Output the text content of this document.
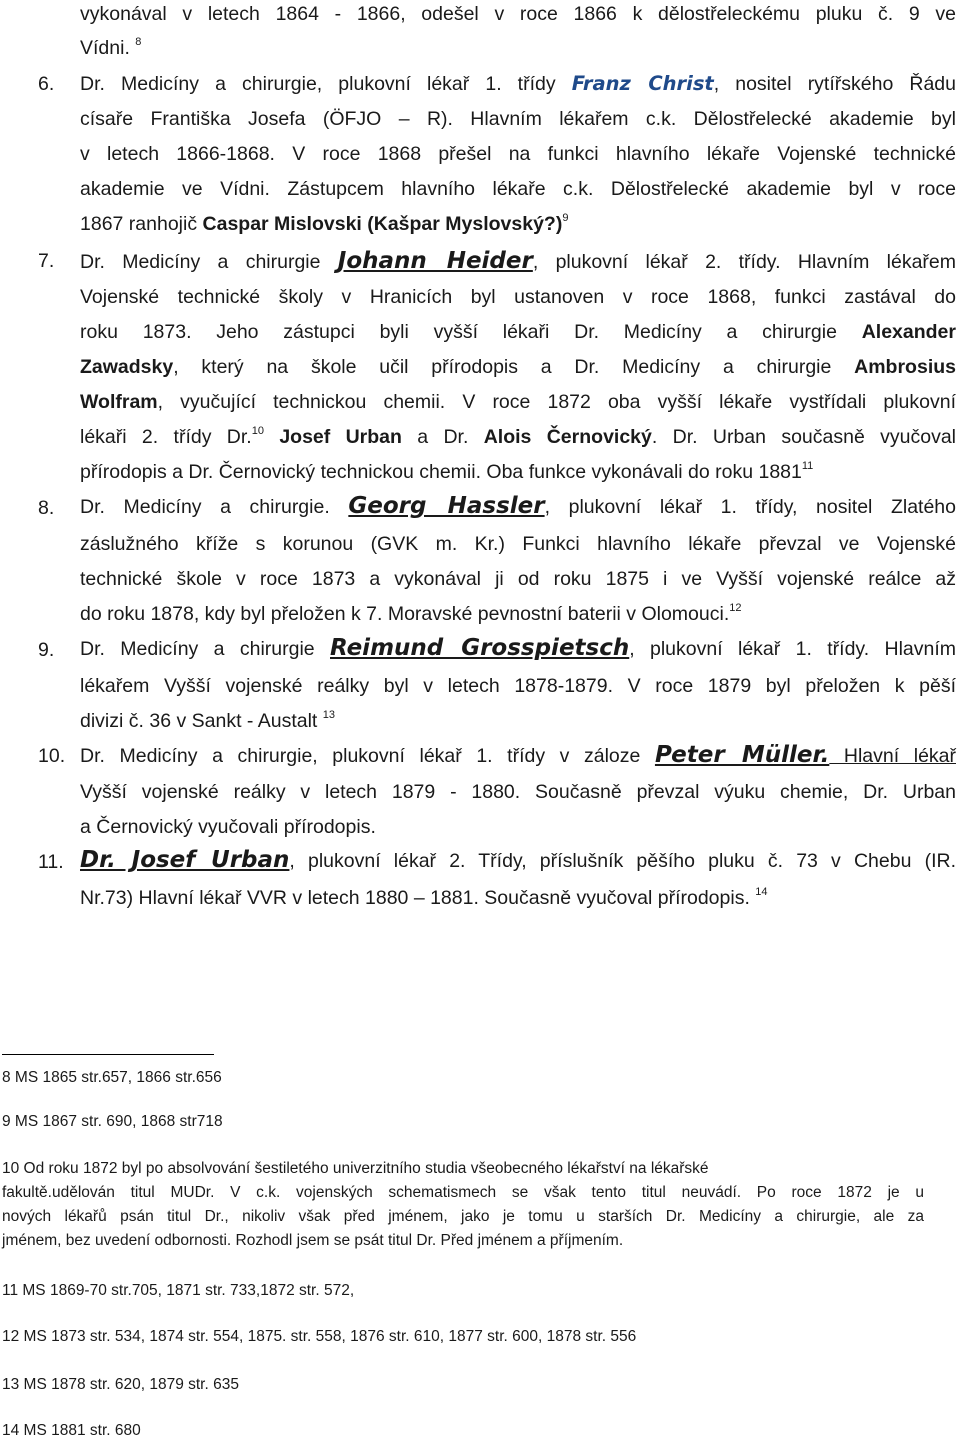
vykonával v letech 1864 - 1866, odešel v roce 1866 k dělostřeleckému pluku č. 9 ve
Vídni. $^8$
6. Dr. Medicíny a chirurgie, plukovní lékař 1. třídy Franz Christ, nositel rytířského Řádu
císaře Františka Josefa (ÖFJO – R). Hlavním lékařem c.k. Dělostřelecké akademie byl
v letech 1866-1868. V roce 1868 přešel na funkci hlavního lékaře Vojenské technické
akademie ve Vídni. Zástupcem hlavního lékaře c.k. Dělostřelecké akademie byl v roce
1867 ranhojič Caspar Mislovski (Kašpar Myslovský?)$^9$
7. Dr. Medicíny a chirurgie Johann Heider, plukovní lékař 2. třídy. Hlavním lékařem
Vojenské technické školy v Hranicích byl ustanoven v roce 1868, funkci zastával do
roku 1873. Jeho zástupci byli vyšší lékaři Dr. Medicíny a chirurgie Alexander
Zawadsky, který na škole učil přírodopis a Dr. Medicíny a chirurgie Ambrosius
Wolfram, vyučující technickou chemii. V roce 1872 oba vyšší lékaře vystřídali plukovní
lékaři 2. třídy Dr.$^{10}$ Josef Urban a Dr. Alois Černovický. Dr. Urban současně vyučoval
přírodopis a Dr. Černovický technickou chemii. Oba funkce vykonávali do roku 1881$^{11}$
8. Dr. Medicíny a chirurgie. Georg Hassler, plukovní lékař 1. třídy, nositel Zlatého
záslužného kříže s korunou (GVK m. Kr.) Funkci hlavního lékaře převzal ve Vojenské
technické škole v roce 1873 a vykonával ji od roku 1875 i ve Vyšší vojenské reálce až
do roku 1878, kdy byl přeložen k 7. Moravské pevnostní baterii v Olomouci.$^{12}$
9. Dr. Medicíny a chirurgie Reimund Grosspietsch, plukovní lékař 1. třídy. Hlavním
lékařem Vyšší vojenské reálky byl v letech 1878-1879. V roce 1879 byl přeložen k pěší
divizi č. 36 v Sankt - Austalt $^{13}$
10. Dr. Medicíny a chirurgie, plukovní lékař 1. třídy v záloze Peter Müller. Hlavní lékař
Vyšší vojenské reálky v letech 1879 - 1880. Současně převzal výuku chemie, Dr. Urban
a Černovický vyučovali přírodopis.
11. Dr. Josef Urban, plukovní lékař 2. Třídy, příslušník pěšího pluku č. 73 v Chebu (IR.
Nr.73) Hlavní lékař VVR v letech 1880 – 1881. Současně vyučoval přírodopis. $^{14}$
8 MS 1865 str.657, 1866 str.656
9 MS 1867 str. 690, 1868 str718
10 Od roku 1872 byl po absolvování šestiletého univerzitního studia všeobecného lékařství na lékařské
fakultě.udělován titul MUDr. V c.k. vojenských schematismech se však tento titul neuvádí. Po roce 1872 je u
nových lékařů psán titul Dr., nikoliv však před jménem, jako je tomu u starších Dr. Medicíny a chirurgie, ale za
jménem, bez uvedení odbornosti. Rozhodl jsem se psát titul Dr. Před jménem a příjmením.
11 MS 1869-70 str.705, 1871 str. 733,1872 str. 572,
12 MS 1873 str. 534, 1874 str. 554, 1875. str. 558, 1876 str. 610, 1877 str. 600, 1878 str. 556
13 MS 1878 str. 620, 1879 str. 635
14 MS 1881 str. 680
